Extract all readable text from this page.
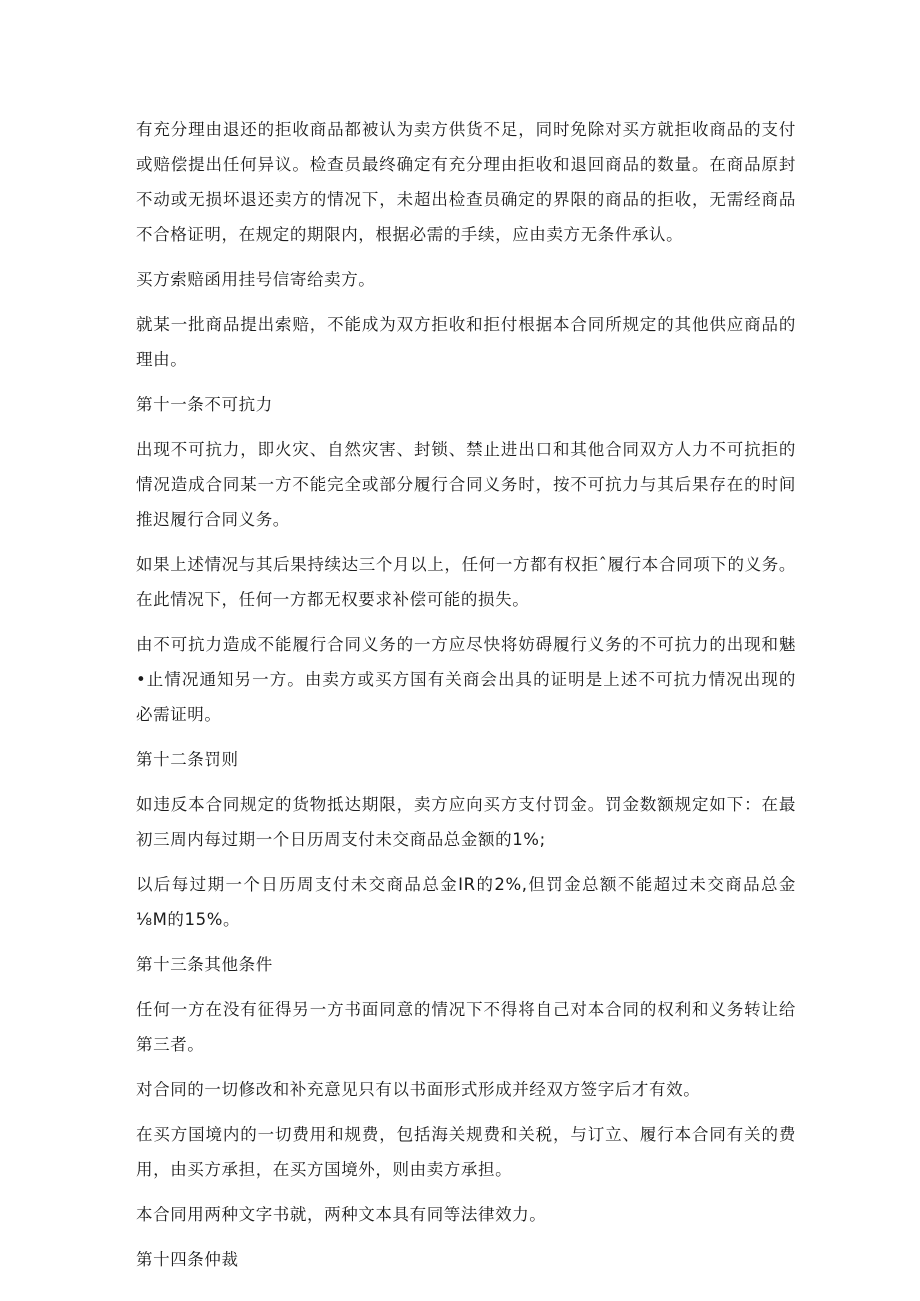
有充分理由退还的拒收商品都被认为卖方供货不足，同时免除对买方就拒收商品的支付或赔偿提出任何异议。检查员最终确定有充分理由拒收和退回商品的数量。在商品原封不动或无损坏退还卖方的情况下，未超出检查员确定的界限的商品的拒收，无需经商品不合格证明，在规定的期限内，根据必需的手续，应由卖方无条件承认。

买方索赔函用挂号信寄给卖方。

就某一批商品提出索赔，不能成为双方拒收和拒付根据本合同所规定的其他供应商品的理由。

第十一条不可抗力

出现不可抗力，即火灾、自然灾害、封锁、禁止进出口和其他合同双方人力不可抗拒的情况造成合同某一方不能完全或部分履行合同义务时，按不可抗力与其后果存在的时间推迟履行合同义务。

如果上述情况与其后果持续达三个月以上，任何一方都有权拒ˆ履行本合同项下的义务。在此情况下，任何一方都无权要求补偿可能的损失。

由不可抗力造成不能履行合同义务的一方应尽快将妨碍履行义务的不可抗力的出现和魅•止情况通知另一方。由卖方或买方国有关商会出具的证明是上述不可抗力情况出现的必需证明。

第十二条罚则

如违反本合同规定的货物抵达期限，卖方应向买方支付罚金。罚金数额规定如下：在最初三周内每过期一个日历周支付未交商品总金额的1%;

以后每过期一个日历周支付未交商品总金IR的2%,但罚金总额不能超过未交商品总金⅛M的15%。

第十三条其他条件

任何一方在没有征得另一方书面同意的情况下不得将自己对本合同的权利和义务转让给第三者。

对合同的一切修改和补充意见只有以书面形式形成并经双方签字后才有效。

在买方国境内的一切费用和规费，包括海关规费和关税，与订立、履行本合同有关的费用，由买方承担，在买方国境外，则由卖方承担。

本合同用两种文字书就，两种文本具有同等法律效力。

第十四条仲裁
